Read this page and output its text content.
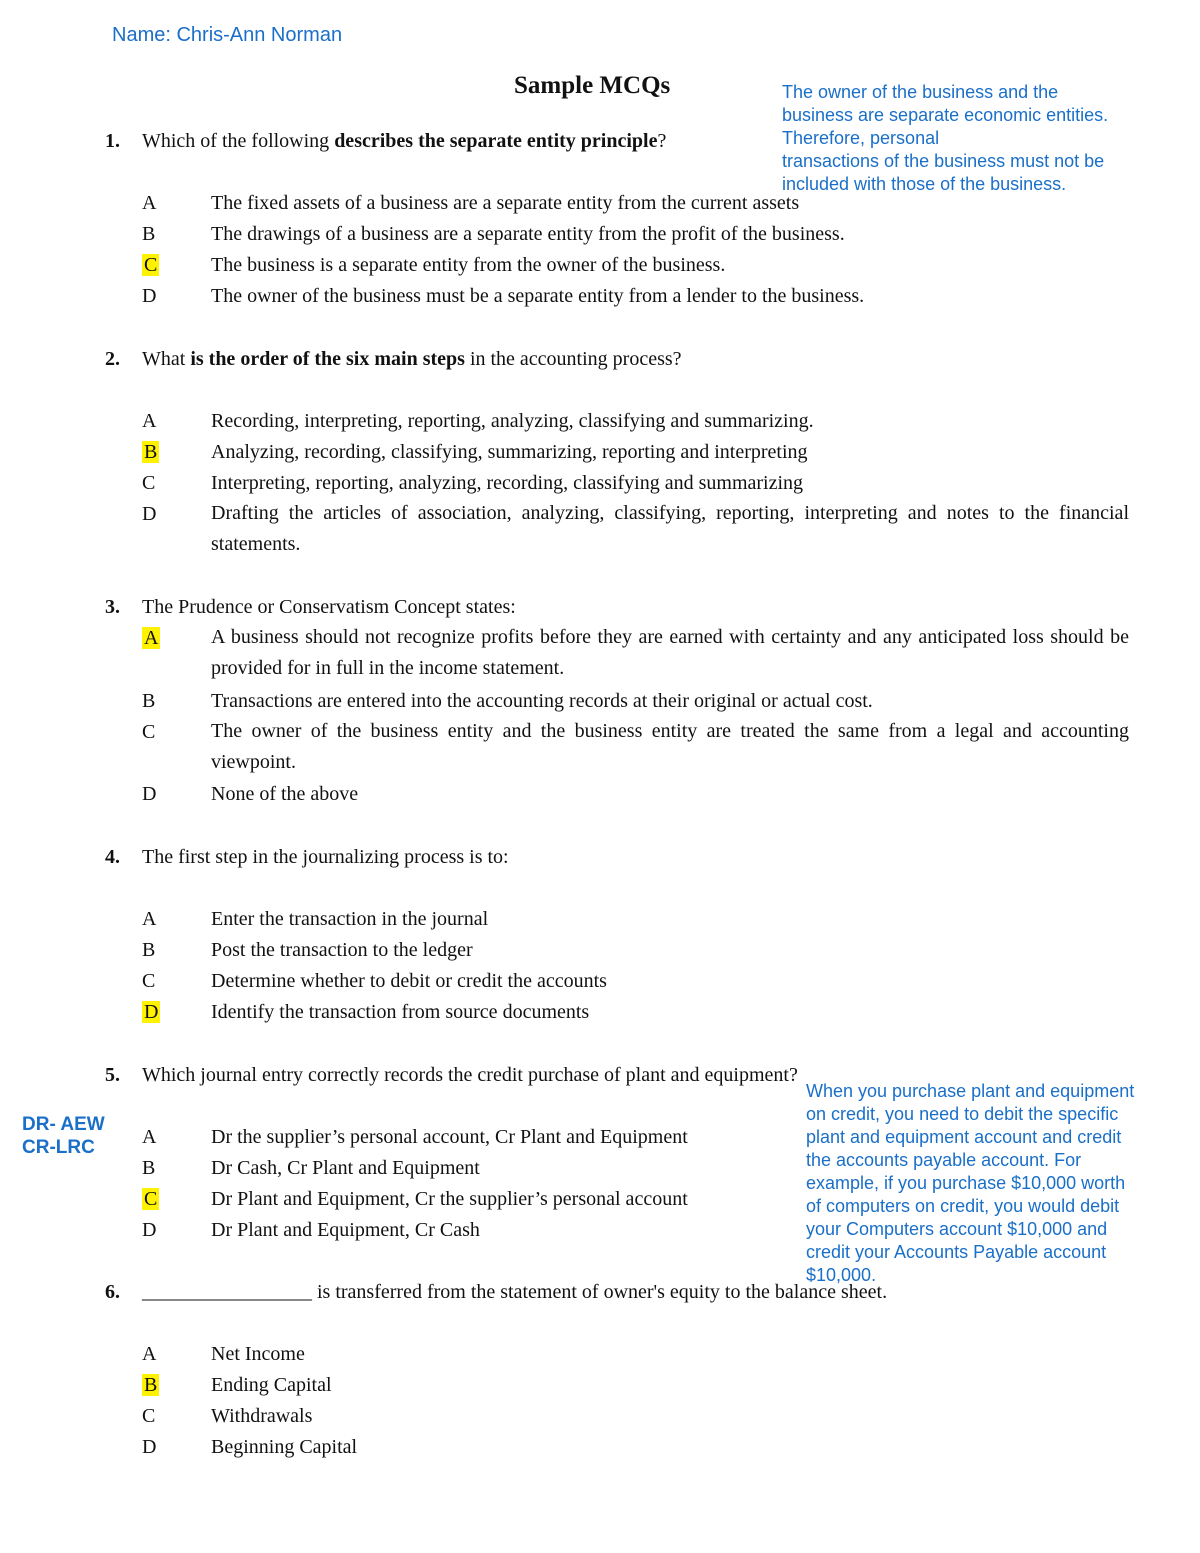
Name: Chris-Ann Norman
Sample MCQs	The owner of the business and the
business are separate economic entities.
Therefore, personal
transactions of the business must not be
included with those of the business.
1. Which of the following describes the separate entity principle?
A	The fixed assets of a business are a separate entity from the current assets
B	The drawings of a business are a separate entity from the profit of the business.
C	The business is a separate entity from the owner of the business.
D	The owner of the business must be a separate entity from a lender to the business.
2. What is the order of the six main steps in the accounting process?
A	Recording, interpreting, reporting, analyzing, classifying and summarizing.
B	Analyzing, recording, classifying, summarizing, reporting and interpreting
C	Interpreting, reporting, analyzing, recording, classifying and summarizing
D	Drafting the articles of association, analyzing, classifying, reporting, interpreting and notes to the financial statements.
3. The Prudence or Conservatism Concept states:
A	A business should not recognize profits before they are earned with certainty and any anticipated loss should be provided for in full in the income statement.
B	Transactions are entered into the accounting records at their original or actual cost.
C	The owner of the business entity and the business entity are treated the same from a legal and accounting viewpoint.
D	None of the above
4. The first step in the journalizing process is to:
A	Enter the transaction in the journal
B	Post the transaction to the ledger
C	Determine whether to debit or credit the accounts
D	Identify the transaction from source documents
5. Which journal entry correctly records the credit purchase of plant and equipment?
A	Dr the supplier’s personal account, Cr Plant and Equipment
B	Dr Cash, Cr Plant and Equipment
C	Dr Plant and Equipment, Cr the supplier’s personal account
D	Dr Plant and Equipment, Cr Cash
DR- AEW
CR-LRC
6. _________________ is transferred from the statement of owner's equity to the balance sheet.
A	Net Income
B	Ending Capital
C	Withdrawals
D	Beginning Capital
When you purchase plant and equipment
on credit, you need to debit the specific
plant and equipment account and credit
the accounts payable account. For
example, if you purchase $10,000 worth
of computers on credit, you would debit
your Computers account $10,000 and
credit your Accounts Payable account
$10,000.
